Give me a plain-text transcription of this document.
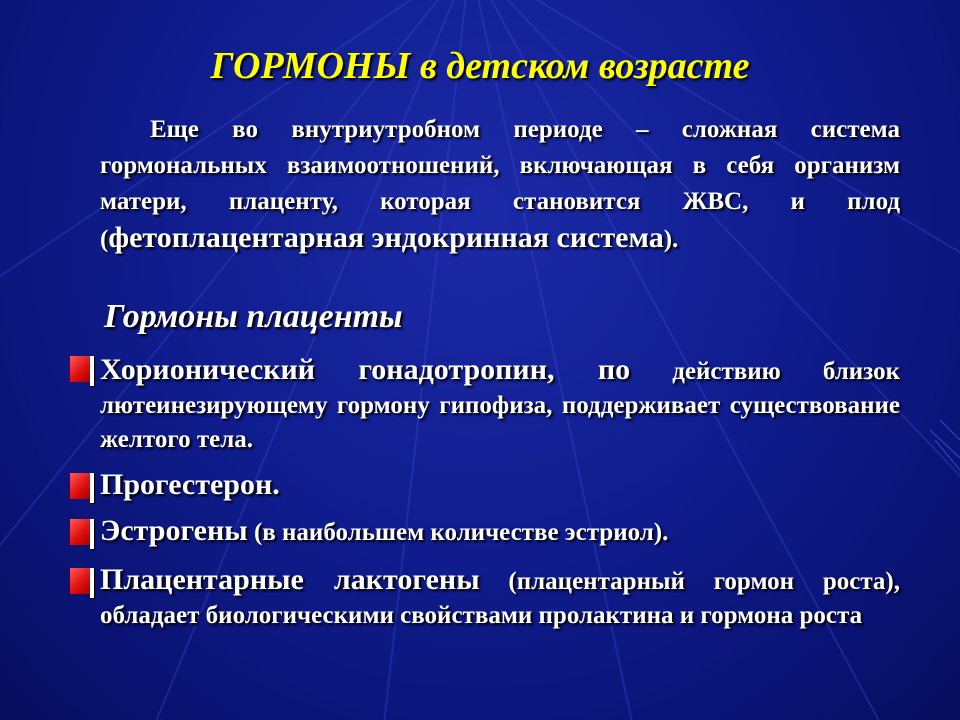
ГОРМОНЫ в детском возрасте
Еще во внутриутробном периоде – сложная система гормональных взаимоотношений, включающая в себя организм матери, плаценту, которая становится ЖВС, и плод (фетоплацентарная эндокринная система).
Гормоны плаценты
Хорионический гонадотропин, по действию близок лютеинезирующему гормону гипофиза, поддерживает существование желтого тела.
Прогестерон.
Эстрогены (в наибольшем количестве эстриол).
Плацентарные лактогены (плацентарный гормон роста), обладает биологическими свойствами пролактина и гормона роста
